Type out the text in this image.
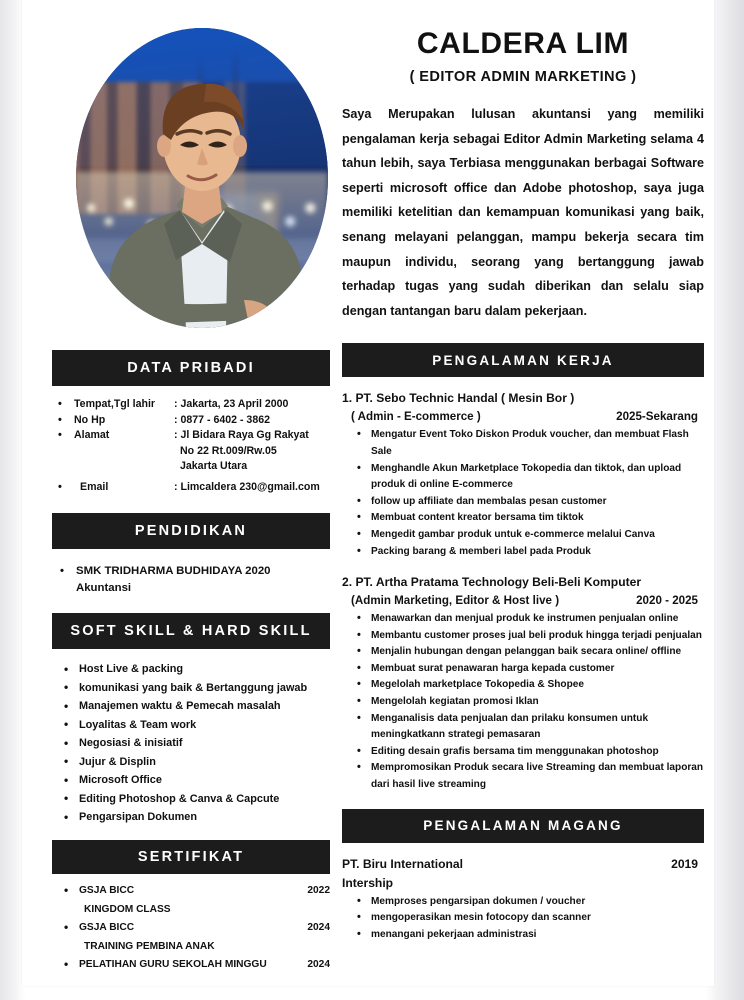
DATA PRIBADI
•	Tempat,Tgl lahir	: Jakarta, 23 April 2000
•	No Hp	: 0877 - 6402 - 3862
•	Alamat	: Jl Bidara Raya Gg Rakyat
No 22 Rt.009/Rw.05
Jakarta Utara
•	Email	: Limcaldera 230@gmail.com
PENDIDIKAN
•	SMK TRIDHARMA BUDHIDAYA 2020
Akuntansi
SOFT SKILL & HARD SKILL
• Host Live & packing
• komunikasi yang baik & Bertanggung jawab
• Manajemen waktu & Pemecah masalah
• Loyalitas & Team work
• Negosiasi & inisiatif
• Jujur & Displin
• Microsoft Office
• Editing Photoshop & Canva & Capcute
• Pengarsipan Dokumen
SERTIFIKAT
• GSJA BICC	2022
KINGDOM CLASS
• GSJA BICC	2024
TRAINING PEMBINA ANAK
• PELATIHAN GURU SEKOLAH MINGGU	2024
CALDERA LIM
( EDITOR ADMIN MARKETING )
Saya Merupakan lulusan akuntansi yang memiliki pengalaman kerja sebagai Editor Admin Marketing selama 4 tahun lebih, saya Terbiasa menggunakan berbagai Software seperti microsoft office dan Adobe photoshop, saya juga memiliki ketelitian dan kemampuan komunikasi yang baik, senang melayani pelanggan, mampu bekerja secara tim maupun individu, seorang yang bertanggung jawab terhadap tugas yang sudah diberikan dan selalu siap dengan tantangan baru dalam pekerjaan.
PENGALAMAN KERJA
1. PT. Sebo Technic Handal ( Mesin Bor )
( Admin - E-commerce )	2025-Sekarang
• Mengatur Event Toko Diskon Produk voucher, dan membuat Flash Sale
• Menghandle Akun Marketplace Tokopedia dan tiktok, dan upload produk di online E-commerce
• follow up affiliate dan membalas pesan customer
• Membuat content kreator bersama tim tiktok
• Mengedit gambar produk untuk e-commerce melalui Canva
• Packing barang & memberi label pada Produk
2. PT. Artha Pratama Technology Beli-Beli Komputer
(Admin Marketing, Editor & Host live )	2020 - 2025
• Menawarkan dan menjual produk ke instrumen penjualan online
• Membantu customer proses jual beli produk hingga terjadi penjualan
• Menjalin hubungan dengan pelanggan baik secara online/ offline
• Membuat surat penawaran harga kepada customer
• Megelolah marketplace Tokopedia & Shopee
• Mengelolah kegiatan promosi Iklan
• Menganalisis data penjualan dan prilaku konsumen untuk meningkatkann strategi pemasaran
• Editing desain grafis bersama tim menggunakan photoshop
• Mempromosikan Produk secara live Streaming dan membuat laporan dari hasil live streaming
PENGALAMAN MAGANG
PT. Biru International	2019
Intership
• Memproses pengarsipan dokumen / voucher
• mengoperasikan mesin fotocopy dan scanner
• menangani pekerjaan administrasi
